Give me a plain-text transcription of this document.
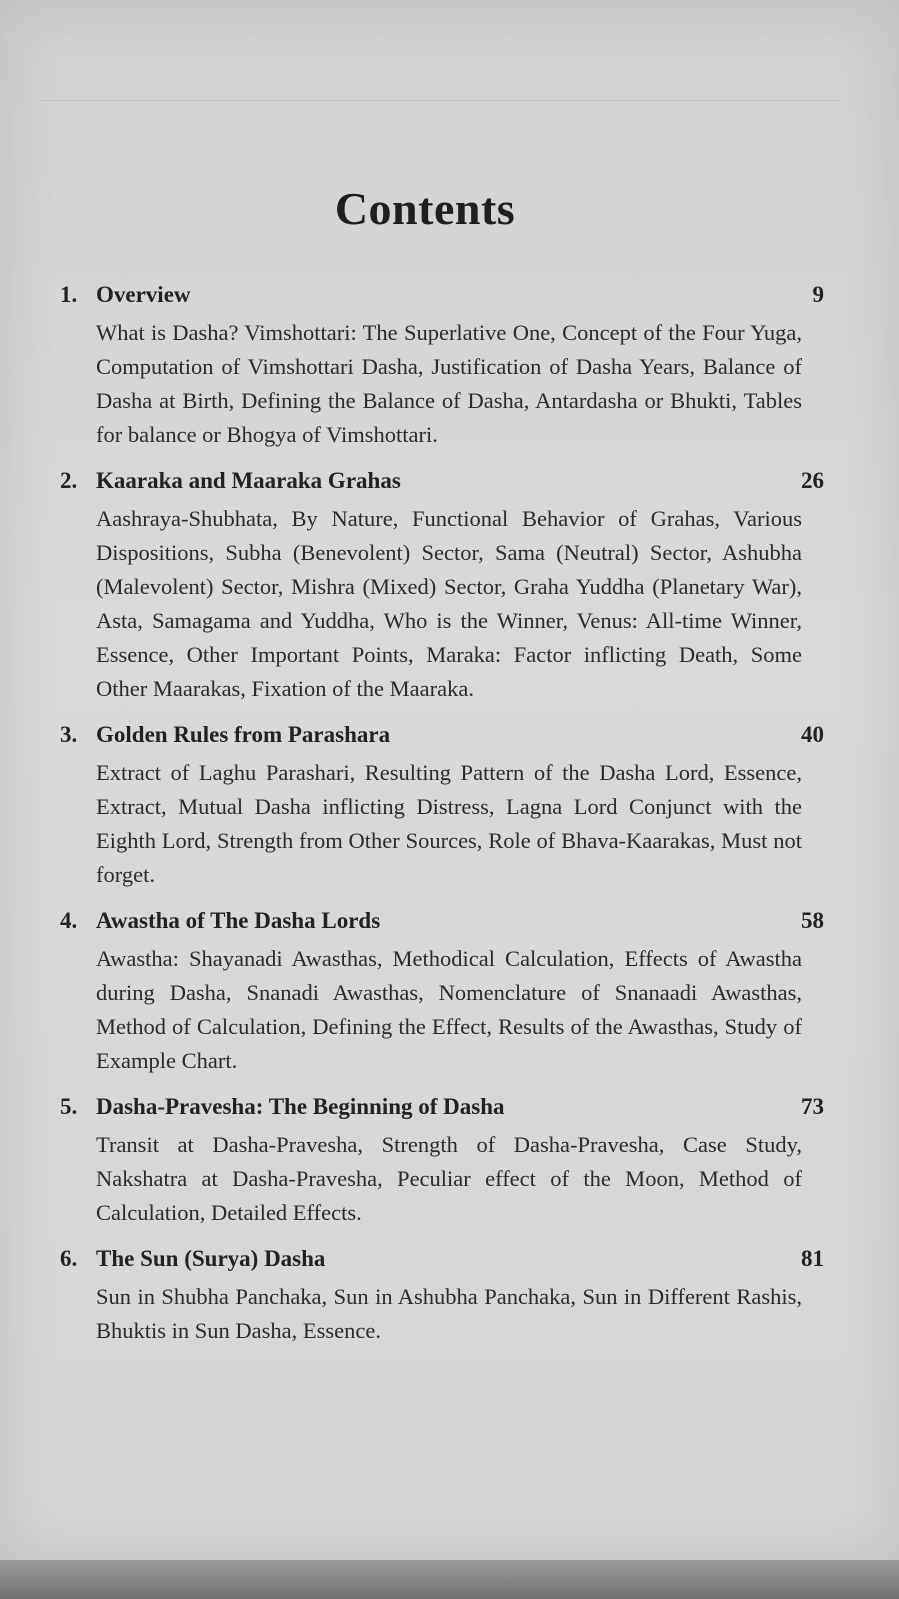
Contents
1. Overview	9
What is Dasha? Vimshottari: The Superlative One, Concept of the Four Yuga, Computation of Vimshottari Dasha, Justification of Dasha Years, Balance of Dasha at Birth, Defining the Balance of Dasha, Antardasha or Bhukti, Tables for balance or Bhogya of Vimshottari.
2. Kaaraka and Maaraka Grahas	26
Aashraya-Shubhata, By Nature, Functional Behavior of Grahas, Various Dispositions, Subha (Benevolent) Sector, Sama (Neutral) Sector, Ashubha (Malevolent) Sector, Mishra (Mixed) Sector, Graha Yuddha (Planetary War), Asta, Samagama and Yuddha, Who is the Winner, Venus: All-time Winner, Essence, Other Important Points, Maraka: Factor inflicting Death, Some Other Maarakas, Fixation of the Maaraka.
3. Golden Rules from Parashara	40
Extract of Laghu Parashari, Resulting Pattern of the Dasha Lord, Essence, Extract, Mutual Dasha inflicting Distress, Lagna Lord Conjunct with the Eighth Lord, Strength from Other Sources, Role of Bhava-Kaarakas, Must not forget.
4. Awastha of The Dasha Lords	58
Awastha: Shayanadi Awasthas, Methodical Calculation, Effects of Awastha during Dasha, Snanadi Awasthas, Nomenclature of Snanaadi Awasthas, Method of Calculation, Defining the Effect, Results of the Awasthas, Study of Example Chart.
5. Dasha-Pravesha: The Beginning of Dasha	73
Transit at Dasha-Pravesha, Strength of Dasha-Pravesha, Case Study, Nakshatra at Dasha-Pravesha, Peculiar effect of the Moon, Method of Calculation, Detailed Effects.
6. The Sun (Surya) Dasha	81
Sun in Shubha Panchaka, Sun in Ashubha Panchaka, Sun in Different Rashis, Bhuktis in Sun Dasha, Essence.
